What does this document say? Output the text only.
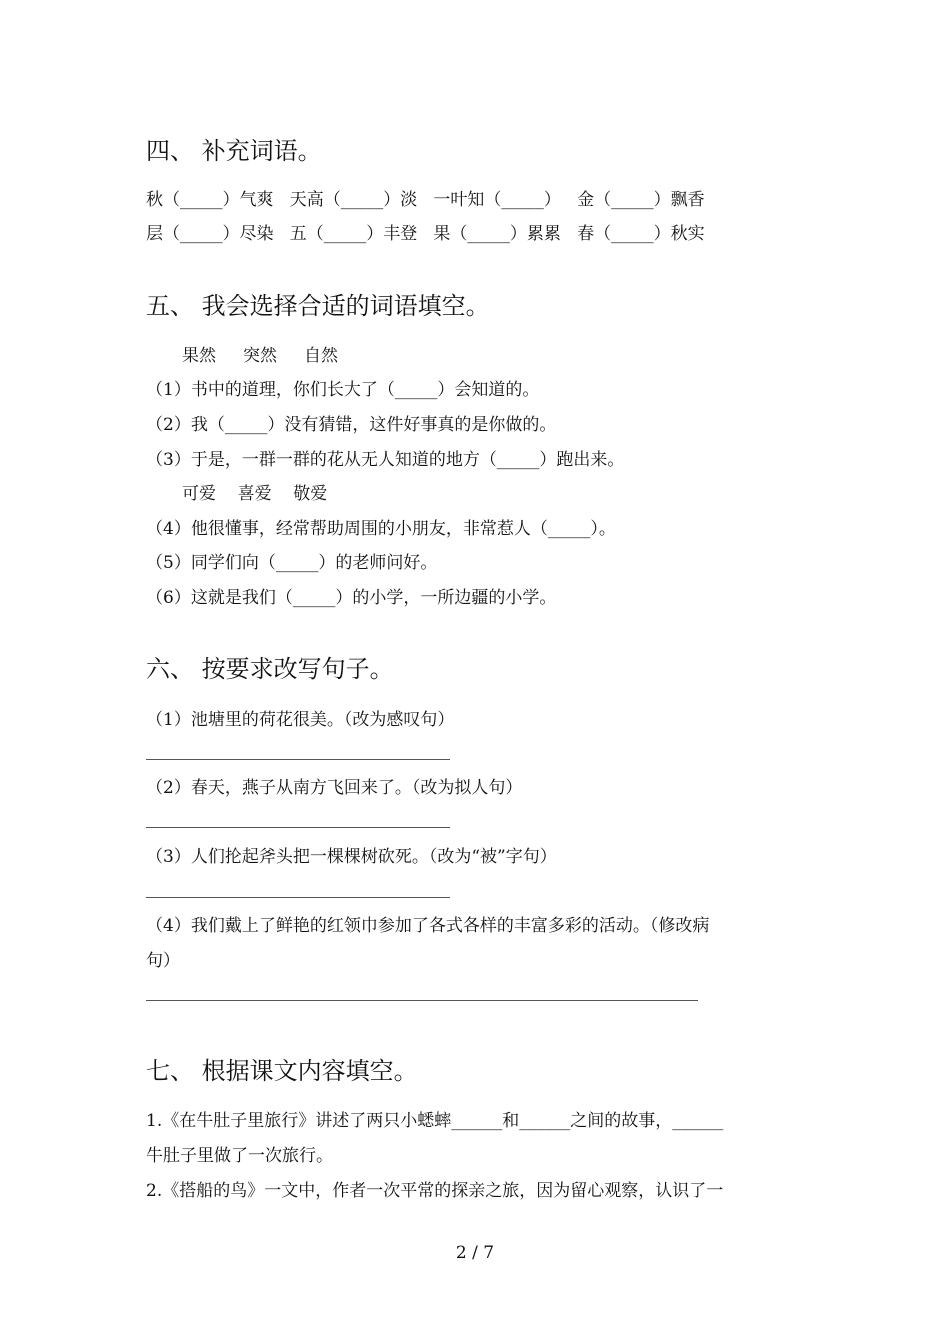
四、 补充词语。
秋（_____）气爽   天高（_____）淡   一叶知（_____）   金（_____）飘香
层（_____）尽染   五（_____）丰登   果（_____）累累   春（_____）秋实
五、 我会选择合适的词语填空。
果然     突然     自然
（1）书中的道理，你们长大了（_____）会知道的。
（2）我（_____）没有猜错，这件好事真的是你做的。
（3）于是，一群一群的花从无人知道的地方（_____）跑出来。
可爱    喜爱    敬爱
（4）他很懂事，经常帮助周围的小朋友，非常惹人（_____）。
（5）同学们向（_____）的老师问好。
（6）这就是我们（_____）的小学，一所边疆的小学。
六、 按要求改写句子。
（1）池塘里的荷花很美。（改为感叹句）
（2）春天，燕子从南方飞回来了。（改为拟人句）
（3）人们抡起斧头把一棵棵树砍死。（改为“被”字句）
（4）我们戴上了鲜艳的红领巾参加了各式各样的丰富多彩的活动。（修改病
句）
七、 根据课文内容填空。
1.《在牛肚子里旅行》讲述了两只小蟋蟀______和______之间的故事，______
牛肚子里做了一次旅行。
2.《搭船的鸟》一文中，作者一次平常的探亲之旅，因为留心观察，认识了一
2 / 7
